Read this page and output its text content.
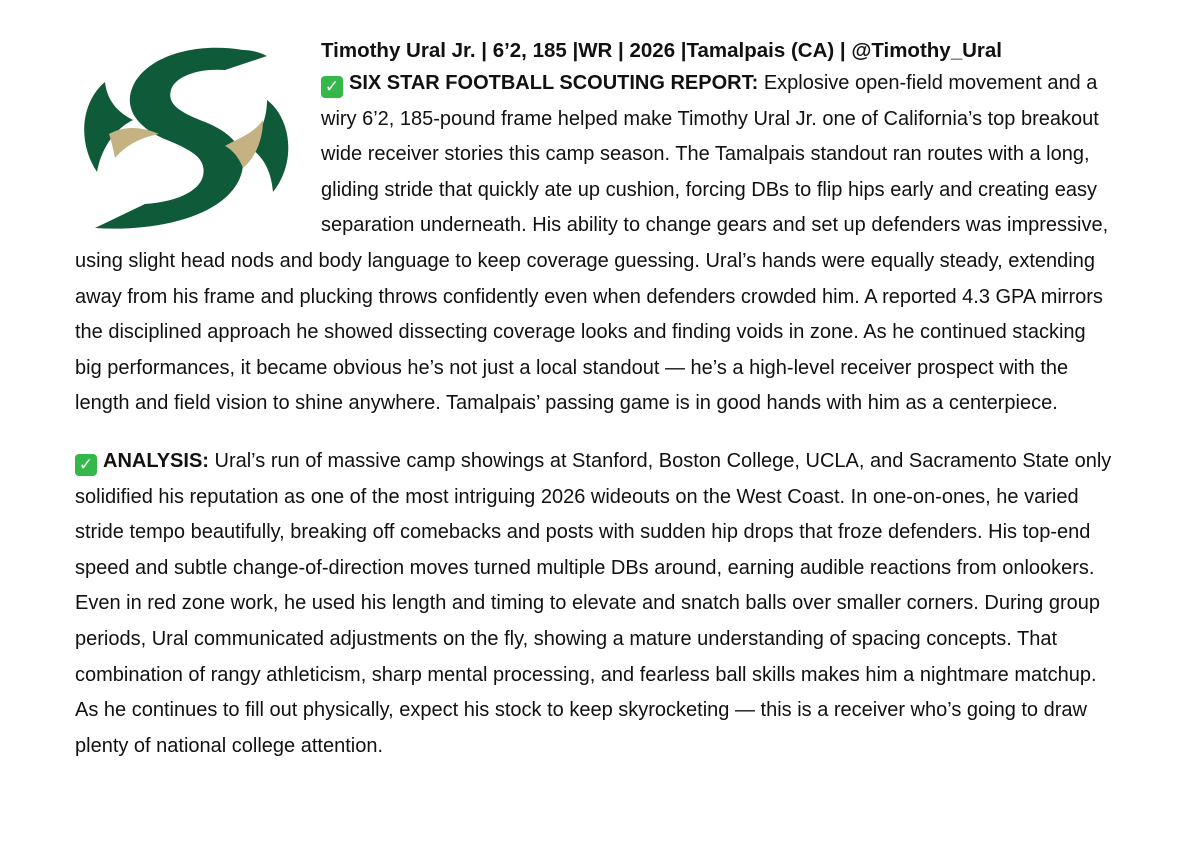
Timothy Ural Jr. | 6’2, 185 |WR | 2026 |Tamalpais (CA) | @Timothy_Ural

✓ SIX STAR FOOTBALL SCOUTING REPORT: Explosive open-field movement and a wiry 6’2, 185-pound frame helped make Timothy Ural Jr. one of California’s top breakout wide receiver stories this camp season. The Tamalpais standout ran routes with a long, gliding stride that quickly ate up cushion, forcing DBs to flip hips early and creating easy separation underneath. His ability to change gears and set up defenders was impressive, using slight head nods and body language to keep coverage guessing. Ural’s hands were equally steady, extending away from his frame and plucking throws confidently even when defenders crowded him. A reported 4.3 GPA mirrors the disciplined approach he showed dissecting coverage looks and finding voids in zone. As he continued stacking big performances, it became obvious he’s not just a local standout — he’s a high-level receiver prospect with the length and field vision to shine anywhere. Tamalpais’ passing game is in good hands with him as a centerpiece.

✓ ANALYSIS: Ural’s run of massive camp showings at Stanford, Boston College, UCLA, and Sacramento State only solidified his reputation as one of the most intriguing 2026 wideouts on the West Coast. In one-on-ones, he varied stride tempo beautifully, breaking off comebacks and posts with sudden hip drops that froze defenders. His top-end speed and subtle change-of-direction moves turned multiple DBs around, earning audible reactions from onlookers. Even in red zone work, he used his length and timing to elevate and snatch balls over smaller corners. During group periods, Ural communicated adjustments on the fly, showing a mature understanding of spacing concepts. That combination of rangy athleticism, sharp mental processing, and fearless ball skills makes him a nightmare matchup. As he continues to fill out physically, expect his stock to keep skyrocketing — this is a receiver who’s going to draw plenty of national college attention.
